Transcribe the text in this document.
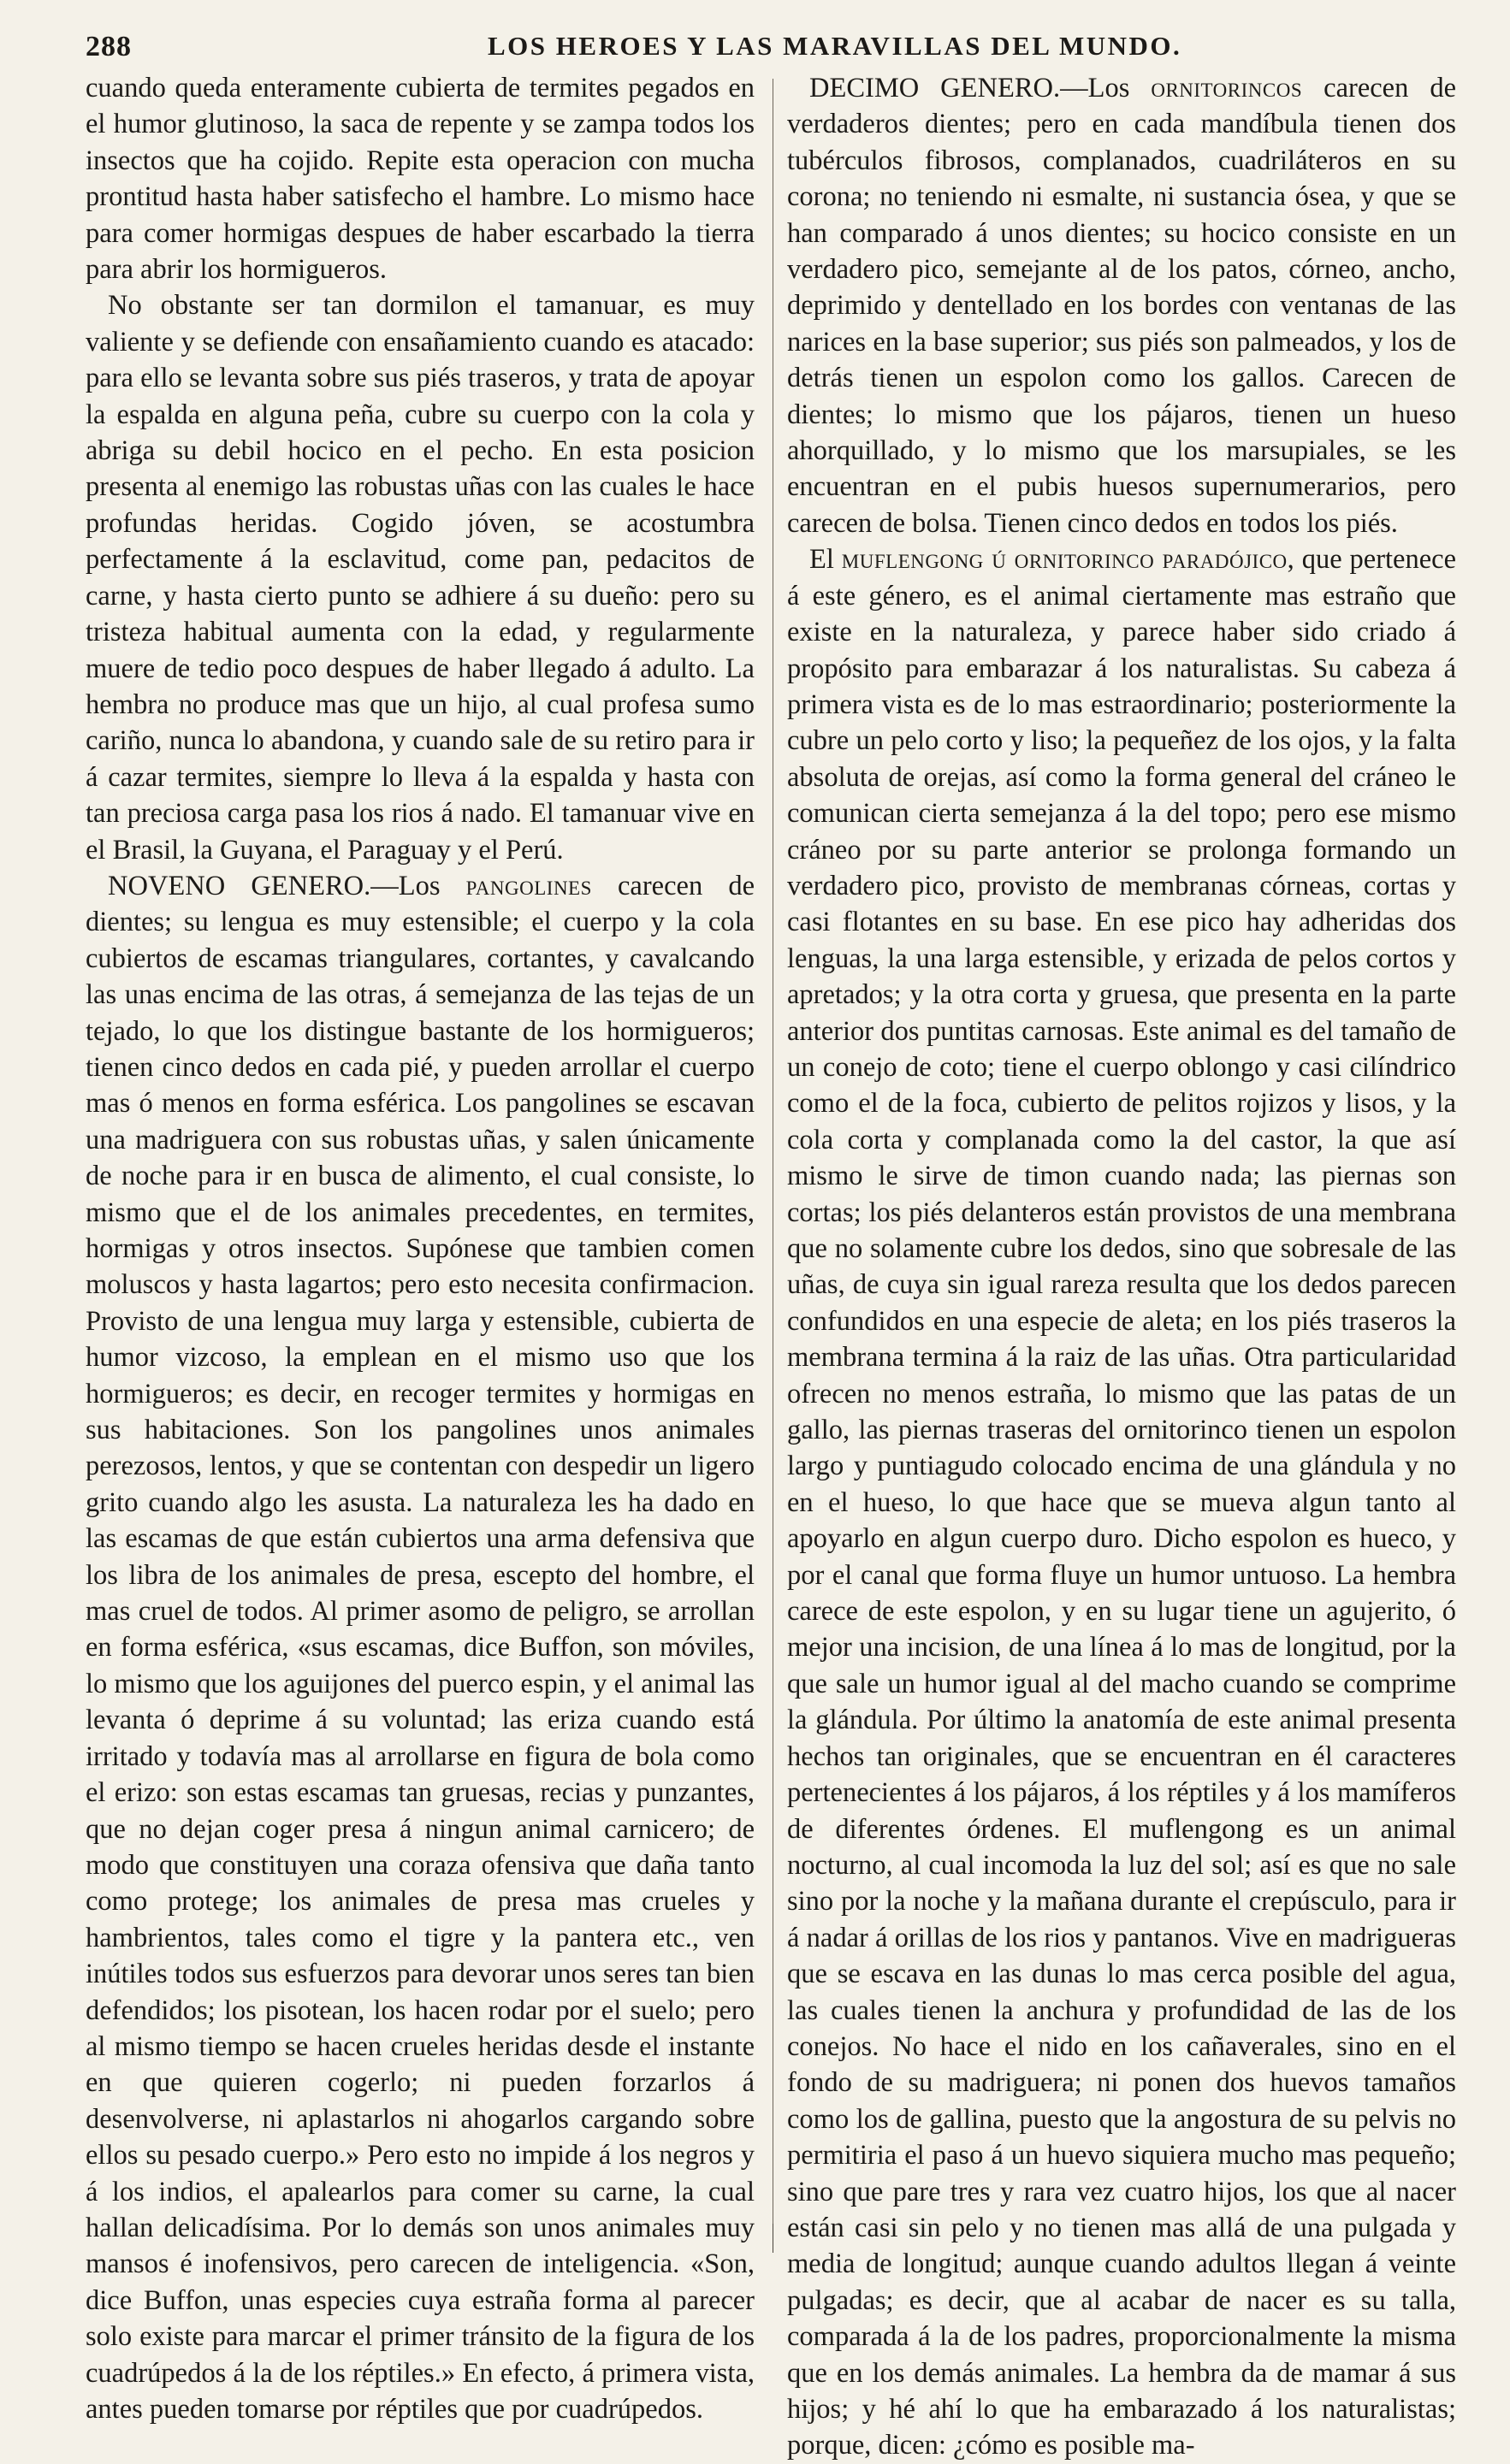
288	LOS HEROES Y LAS MARAVILLAS DEL MUNDO.

cuando queda enteramente cubierta de termites pegados en el humor glutinoso, la saca de repente y se zampa todos los insectos que ha cojido. Repite esta operacion con mucha prontitud hasta haber satisfecho el hambre. Lo mismo hace para comer hormigas despues de haber escarbado la tierra para abrir los hormigueros.

No obstante ser tan dormilon el tamanuar, es muy valiente y se defiende con ensañamiento cuando es atacado: para ello se levanta sobre sus piés traseros, y trata de apoyar la espalda en alguna peña, cubre su cuerpo con la cola y abriga su debil hocico en el pecho. En esta posicion presenta al enemigo las robustas uñas con las cuales le hace profundas heridas. Cogido jóven, se acostumbra perfectamente á la esclavitud, come pan, pedacitos de carne, y hasta cierto punto se adhiere á su dueño: pero su tristeza habitual aumenta con la edad, y regularmente muere de tedio poco despues de haber llegado á adulto. La hembra no produce mas que un hijo, al cual profesa sumo cariño, nunca lo abandona, y cuando sale de su retiro para ir á cazar termites, siempre lo lleva á la espalda y hasta con tan preciosa carga pasa los rios á nado. El tamanuar vive en el Brasil, la Guyana, el Paraguay y el Perú.

NOVENO GENERO.—Los pangolines carecen de dientes; su lengua es muy estensible; el cuerpo y la cola cubiertos de escamas triangulares, cortantes, y cavalcando las unas encima de las otras, á semejanza de las tejas de un tejado, lo que los distingue bastante de los hormigueros; tienen cinco dedos en cada pié, y pueden arrollar el cuerpo mas ó menos en forma esférica. Los pangolines se escavan una madriguera con sus robustas uñas, y salen únicamente de noche para ir en busca de alimento, el cual consiste, lo mismo que el de los animales precedentes, en termites, hormigas y otros insectos. Supónese que tambien comen moluscos y hasta lagartos; pero esto necesita confirmacion. Provisto de una lengua muy larga y estensible, cubierta de humor vizcoso, la emplean en el mismo uso que los hormigueros; es decir, en recoger termites y hormigas en sus habitaciones. Son los pangolines unos animales perezosos, lentos, y que se contentan con despedir un ligero grito cuando algo les asusta. La naturaleza les ha dado en las escamas de que están cubiertos una arma defensiva que los libra de los animales de presa, escepto del hombre, el mas cruel de todos. Al primer asomo de peligro, se arrollan en forma esférica, «sus escamas, dice Buffon, son móviles, lo mismo que los aguijones del puerco espin, y el animal las levanta ó deprime á su voluntad; las eriza cuando está irritado y todavía mas al arrollarse en figura de bola como el erizo: son estas escamas tan gruesas, recias y punzantes, que no dejan coger presa á ningun animal carnicero; de modo que constituyen una coraza ofensiva que daña tanto como protege; los animales de presa mas crueles y hambrientos, tales como el tigre y la pantera etc., ven inútiles todos sus esfuerzos para devorar unos seres tan bien defendidos; los pisotean, los hacen rodar por el suelo; pero al mismo tiempo se hacen crueles heridas desde el instante en que quieren cogerlo; ni pueden forzarlos á desenvolverse, ni aplastarlos ni ahogarlos cargando sobre ellos su pesado cuerpo.» Pero esto no impide á los negros y á los indios, el apalearlos para comer su carne, la cual hallan delicadísima. Por lo demás son unos animales muy mansos é inofensivos, pero carecen de inteligencia. «Son, dice Buffon, unas especies cuya estraña forma al parecer solo existe para marcar el primer tránsito de la figura de los cuadrúpedos á la de los réptiles.» En efecto, á primera vista, antes pueden tomarse por réptiles que por cuadrúpedos.

DECIMO GENERO.—Los ornitorincos carecen de verdaderos dientes; pero en cada mandíbula tienen dos tubérculos fibrosos, complanados, cuadriláteros en su corona; no teniendo ni esmalte, ni sustancia ósea, y que se han comparado á unos dientes; su hocico consiste en un verdadero pico, semejante al de los patos, córneo, ancho, deprimido y dentellado en los bordes con ventanas de las narices en la base superior; sus piés son palmeados, y los de detrás tienen un espolon como los gallos. Carecen de dientes; lo mismo que los pájaros, tienen un hueso ahorquillado, y lo mismo que los marsupiales, se les encuentran en el pubis huesos supernumerarios, pero carecen de bolsa. Tienen cinco dedos en todos los piés.

El muflengong ú ornitorinco paradójico, que pertenece á este género, es el animal ciertamente mas estraño que existe en la naturaleza, y parece haber sido criado á propósito para embarazar á los naturalistas. Su cabeza á primera vista es de lo mas estraordinario; posteriormente la cubre un pelo corto y liso; la pequeñez de los ojos, y la falta absoluta de orejas, así como la forma general del cráneo le comunican cierta semejanza á la del topo; pero ese mismo cráneo por su parte anterior se prolonga formando un verdadero pico, provisto de membranas córneas, cortas y casi flotantes en su base. En ese pico hay adheridas dos lenguas, la una larga estensible, y erizada de pelos cortos y apretados; y la otra corta y gruesa, que presenta en la parte anterior dos puntitas carnosas. Este animal es del tamaño de un conejo de coto; tiene el cuerpo oblongo y casi cilíndrico como el de la foca, cubierto de pelitos rojizos y lisos, y la cola corta y complanada como la del castor, la que así mismo le sirve de timon cuando nada; las piernas son cortas; los piés delanteros están provistos de una membrana que no solamente cubre los dedos, sino que sobresale de las uñas, de cuya sin igual rareza resulta que los dedos parecen confundidos en una especie de aleta; en los piés traseros la membrana termina á la raiz de las uñas. Otra particularidad ofrecen no menos estraña, lo mismo que las patas de un gallo, las piernas traseras del ornitorinco tienen un espolon largo y puntiagudo colocado encima de una glándula y no en el hueso, lo que hace que se mueva algun tanto al apoyarlo en algun cuerpo duro. Dicho espolon es hueco, y por el canal que forma fluye un humor untuoso. La hembra carece de este espolon, y en su lugar tiene un agujerito, ó mejor una incision, de una línea á lo mas de longitud, por la que sale un humor igual al del macho cuando se comprime la glándula. Por último la anatomía de este animal presenta hechos tan originales, que se encuentran en él caracteres pertenecientes á los pájaros, á los réptiles y á los mamíferos de diferentes órdenes. El muflengong es un animal nocturno, al cual incomoda la luz del sol; así es que no sale sino por la noche y la mañana durante el crepúsculo, para ir á nadar á orillas de los rios y pantanos. Vive en madrigueras que se escava en las dunas lo mas cerca posible del agua, las cuales tienen la anchura y profundidad de las de los conejos. No hace el nido en los cañaverales, sino en el fondo de su madriguera; ni ponen dos huevos tamaños como los de gallina, puesto que la angostura de su pelvis no permitiria el paso á un huevo siquiera mucho mas pequeño; sino que pare tres y rara vez cuatro hijos, los que al nacer están casi sin pelo y no tienen mas allá de una pulgada y media de longitud; aunque cuando adultos llegan á veinte pulgadas; es decir, que al acabar de nacer es su talla, comparada á la de los padres, proporcionalmente la misma que en los demás animales. La hembra da de mamar á sus hijos; y hé ahí lo que ha embarazado á los naturalistas; porque, dicen: ¿cómo es posible ma-
